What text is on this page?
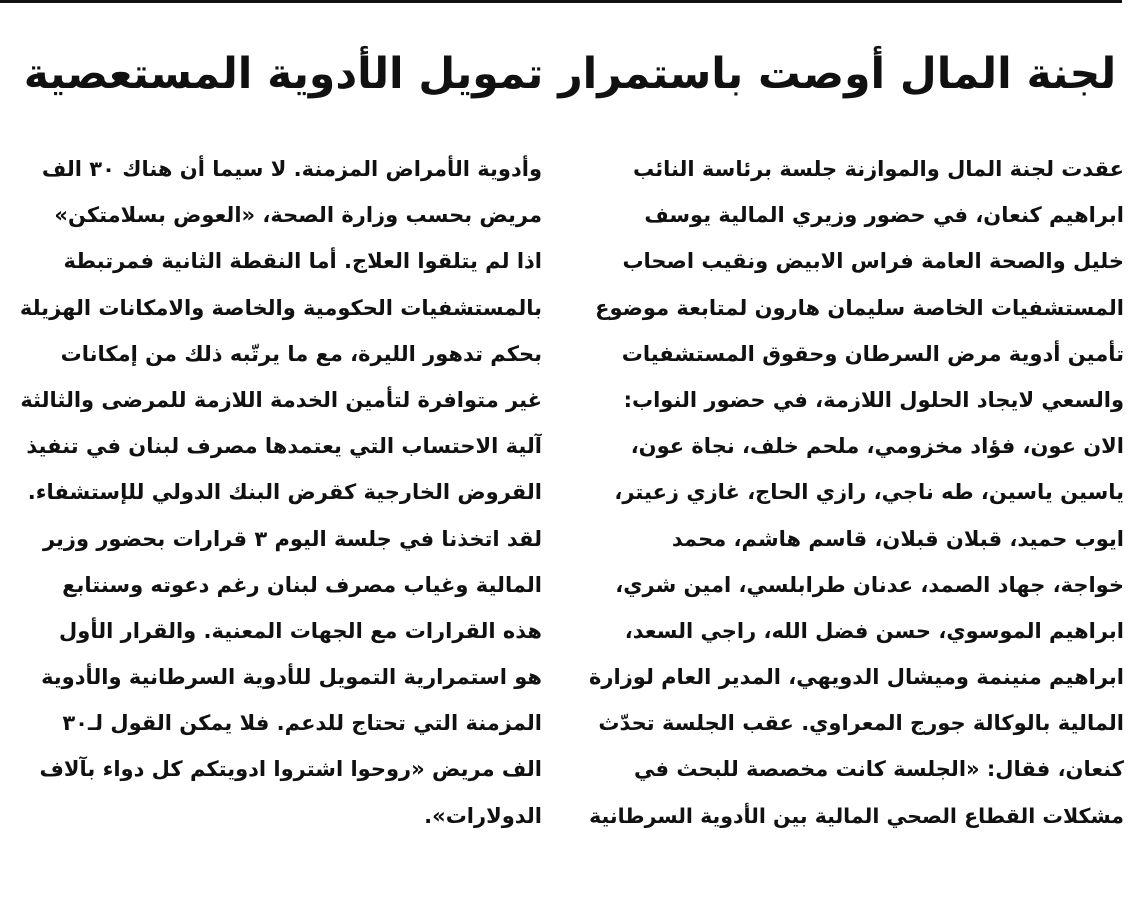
لجنة المال أوصت باستمرار تمويل الأدوية المستعصية
عقدت لجنة المال والموازنة جلسة برئاسة النائب
ابراهيم كنعان، في حضور وزيري المالية يوسف
خليل والصحة العامة فراس الابيض ونقيب اصحاب
المستشفيات الخاصة سليمان هارون لمتابعة موضوع
تأمين أدوية مرض السرطان وحقوق المستشفيات
والسعي لايجاد الحلول اللازمة، في حضور النواب:
الان عون، فؤاد مخزومي، ملحم خلف، نجاة عون،
ياسين ياسين، طه ناجي، رازي الحاج، غازي زعيتر،
ايوب حميد، قبلان قبلان، قاسم هاشم، محمد
خواجة، جهاد الصمد، عدنان طرابلسي، امين شري،
ابراهيم الموسوي، حسن فضل الله، راجي السعد،
ابراهيم منينمة وميشال الدويهي، المدير العام لوزارة
المالية بالوكالة جورج المعراوي. عقب الجلسة تحدّث
كنعان، فقال: «الجلسة كانت مخصصة للبحث في
مشكلات القطاع الصحي المالية بين الأدوية السرطانية
وأدوية الأمراض المزمنة. لا سيما أن هناك ٣٠ الف
مريض بحسب وزارة الصحة، «العوض بسلامتكن»
اذا لم يتلقوا العلاج. أما النقطة الثانية فمرتبطة
بالمستشفيات الحكومية والخاصة والامكانات الهزيلة
بحكم تدهور الليرة، مع ما يرتّبه ذلك من إمكانات
غير متوافرة لتأمين الخدمة اللازمة للمرضى والثالثة
آلية الاحتساب التي يعتمدها مصرف لبنان في تنفيذ
القروض الخارجية كقرض البنك الدولي للإستشفاء.
لقد اتخذنا في جلسة اليوم ٣ قرارات بحضور وزير
المالية وغياب مصرف لبنان رغم دعوته وسنتابع
هذه القرارات مع الجهات المعنية. والقرار الأول
هو استمرارية التمويل للأدوية السرطانية والأدوية
المزمنة التي تحتاج للدعم. فلا يمكن القول لـ٣٠
الف مريض «روحوا اشتروا ادويتكم كل دواء بآلاف
الدولارات».
